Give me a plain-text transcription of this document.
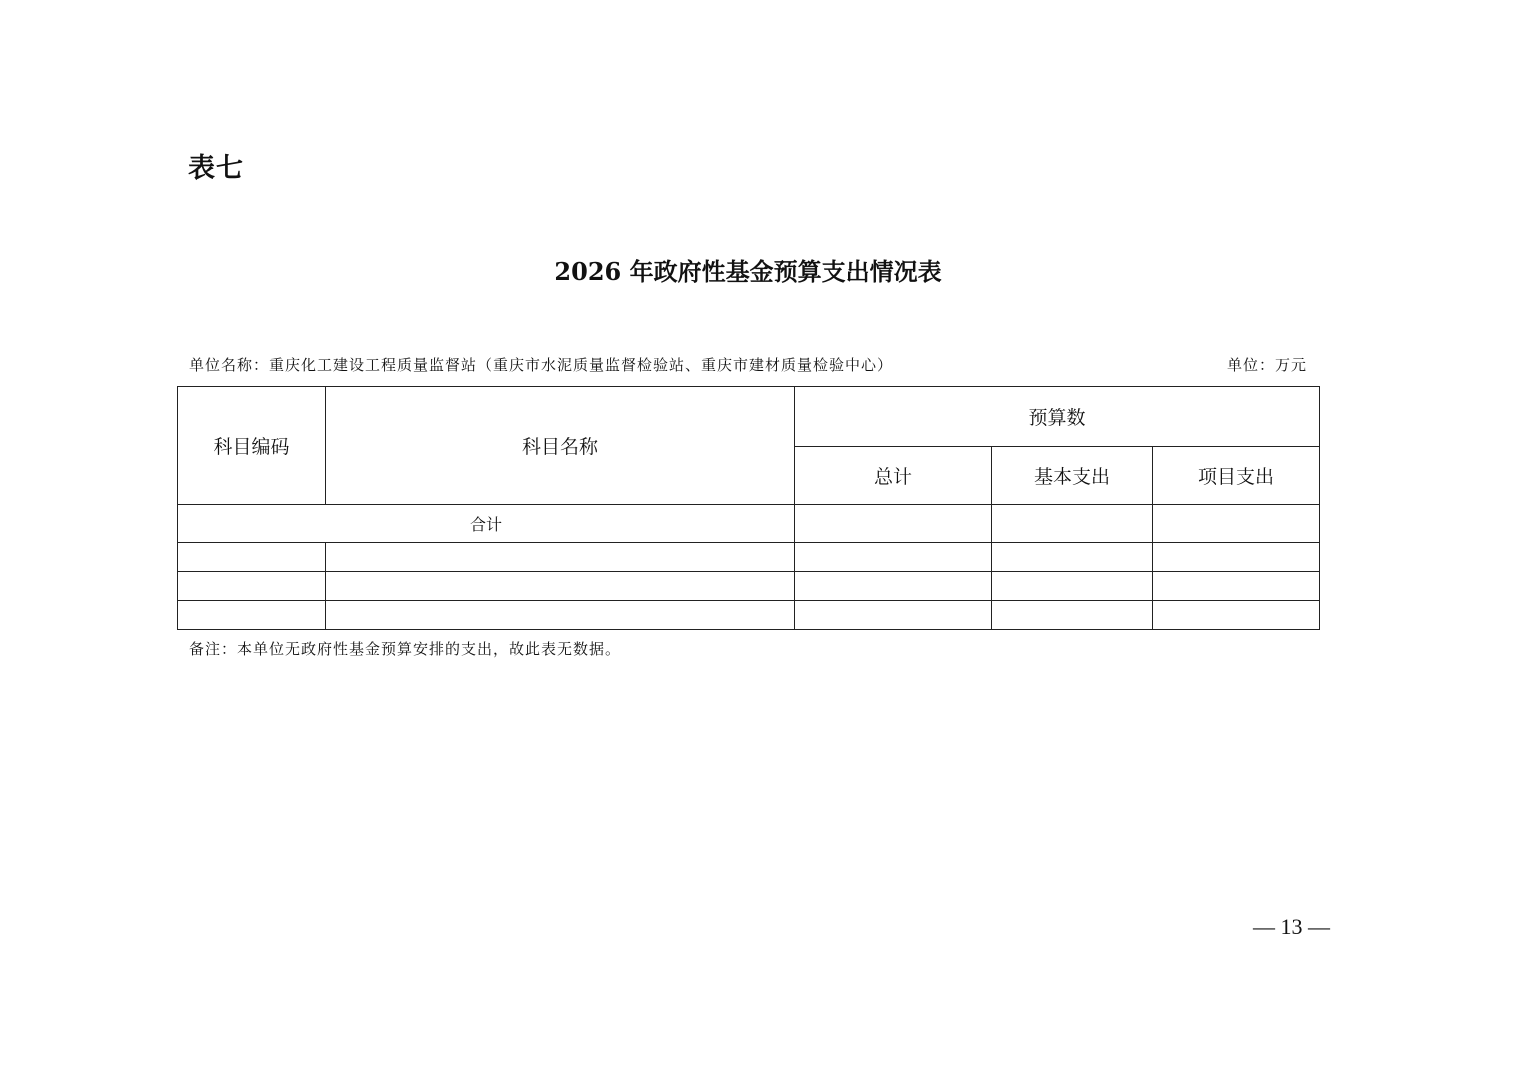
表七
2026 年政府性基金预算支出情况表
单位名称：重庆化工建设工程质量监督站（重庆市水泥质量监督检验站、重庆市建材质量检验中心）	单位：万元
科目编码	科目名称	预算数		
		总计	基本支出	项目支出
合计				

备注：本单位无政府性基金预算安排的支出，故此表无数据。
— 13 —
